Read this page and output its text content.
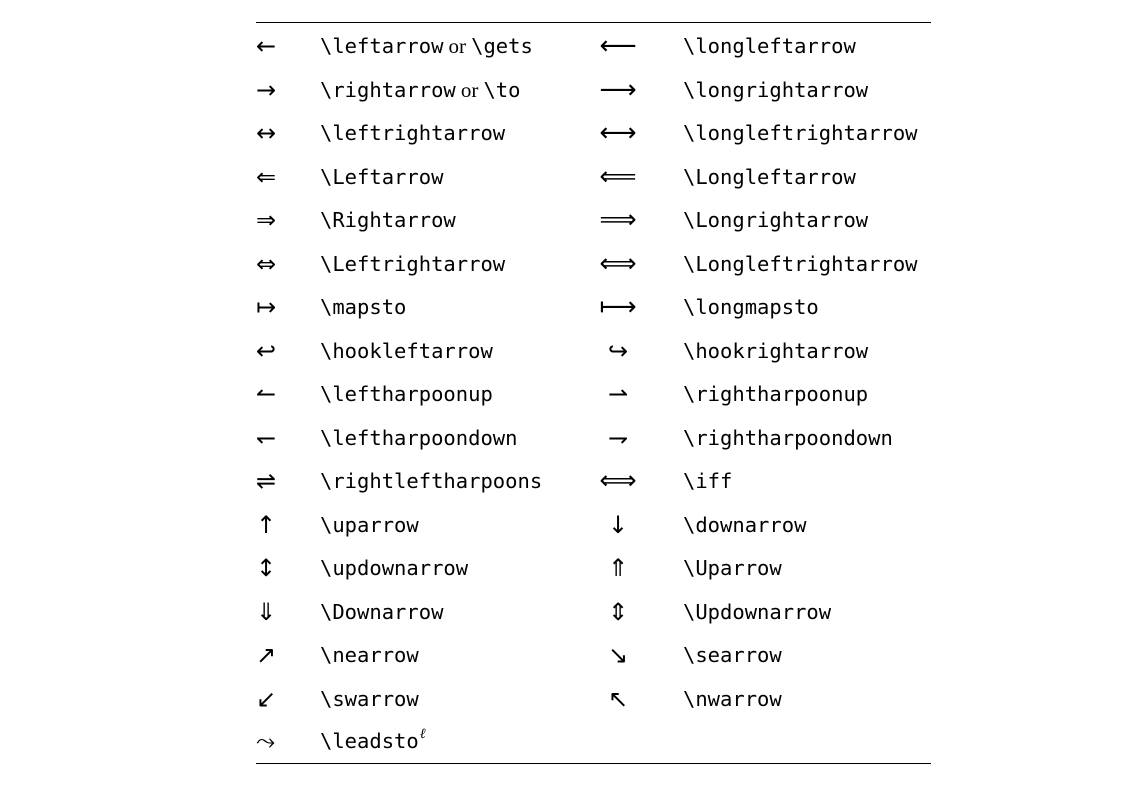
←	\leftarrow or \gets	⟵ \longleftarrow
→	\rightarrow or \to	⟶ \longrightarrow
↔	\leftrightarrow	⟷ \longleftrightarrow
⇐	\Leftarrow	⟸ \Longleftarrow
⇒	\Rightarrow	⟹ \Longrightarrow
⇔	\Leftrightarrow	⟺ \Longleftrightarrow
↦	\mapsto	⟼ \longmapsto
↩	\hookleftarrow	↪	\hookrightarrow
↼	\leftharpoonup	⇀	\rightharpoonup
↽	\leftharpoondown	⇁	\rightharpoondown
⇌	\rightleftharpoons ⟺ \iff
↑	\uparrow	↓	\downarrow
↕	\updownarrow	⇑	\Uparrow
⇓	\Downarrow	⇕	\Updownarrow
↗	\nearrow	↘	\searrow
↙	\swarrow	↖	\nwarrow
⤳	\leadstoℓ
